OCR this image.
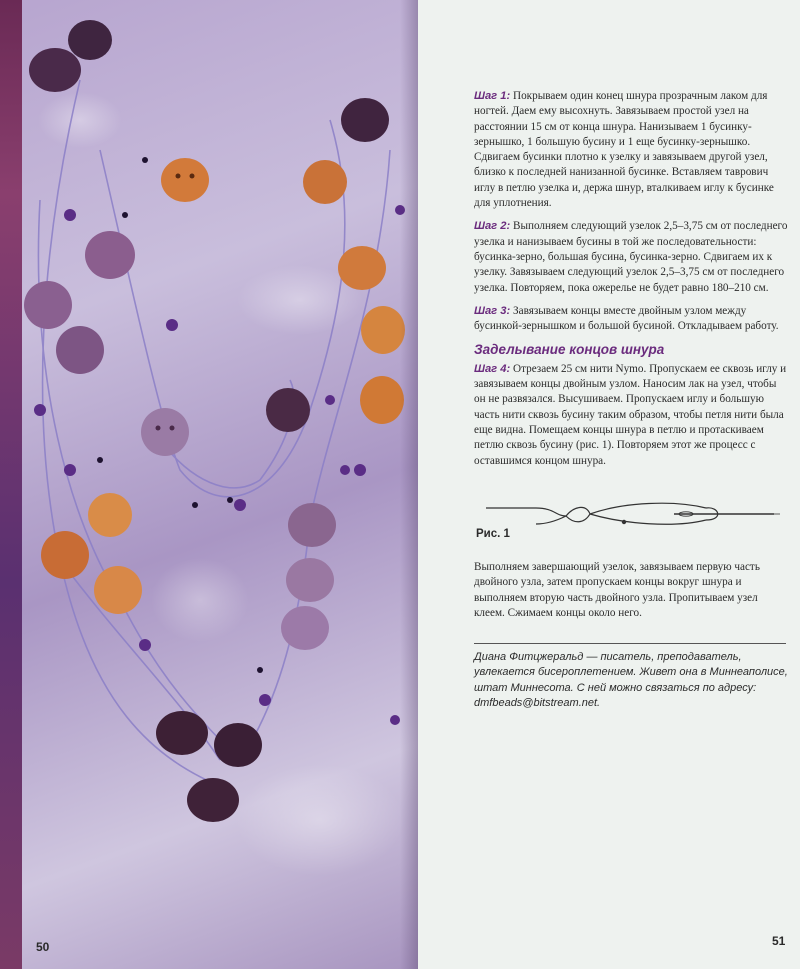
50

Шаг 1: Покрываем один конец шнура прозрачным лаком для ногтей. Даем ему высохнуть. Завязываем простой узел на расстоянии 15 см от конца шнура. Нанизываем 1 бусинку-зернышко, 1 большую бусину и 1 еще бусинку-зернышко. Сдвигаем бусинки плотно к узелку и завязываем другой узел, близко к последней нанизанной бусинке. Вставляем таврович иглу в петлю узелка и, держа шнур, вталкиваем иглу к бусинке для уплотнения.

Шаг 2: Выполняем следующий узелок 2,5–3,75 см от последнего узелка и нанизываем бусины в той же последовательности: бусинка-зерно, большая бусина, бусинка-зерно. Сдвигаем их к узелку. Завязываем следующий узелок 2,5–3,75 см от последнего узелка. Повторяем, пока ожерелье не будет равно 180–210 см.

Шаг 3: Завязываем концы вместе двойным узлом между бусинкой-зернышком и большой бусиной. Откладываем работу.

Заделывание концов шнура

Шаг 4: Отрезаем 25 см нити Nymo. Пропускаем ее сквозь иглу и завязываем концы двойным узлом. Наносим лак на узел, чтобы он не развязался. Высушиваем. Пропускаем иглу и большую часть нити сквозь бусину таким образом, чтобы петля нити была еще видна. Помещаем концы шнура в петлю и протаскиваем петлю сквозь бусину (рис. 1). Повторяем этот же процесс с оставшимся концом шнура.

Рис. 1
Выполняем завершающий узелок, завязываем первую часть двойного узла, затем пропускаем концы вокруг шнура и выполняем вторую часть двойного узла. Пропитываем узел клеем. Сжимаем концы около него.
Диана Фитцжеральд — писатель, преподаватель, увлекается бисероплетением. Живет она в Миннеаполисе, штат Миннесота. С ней можно связаться по адресу: dmfbeads@bitstream.net.
51
